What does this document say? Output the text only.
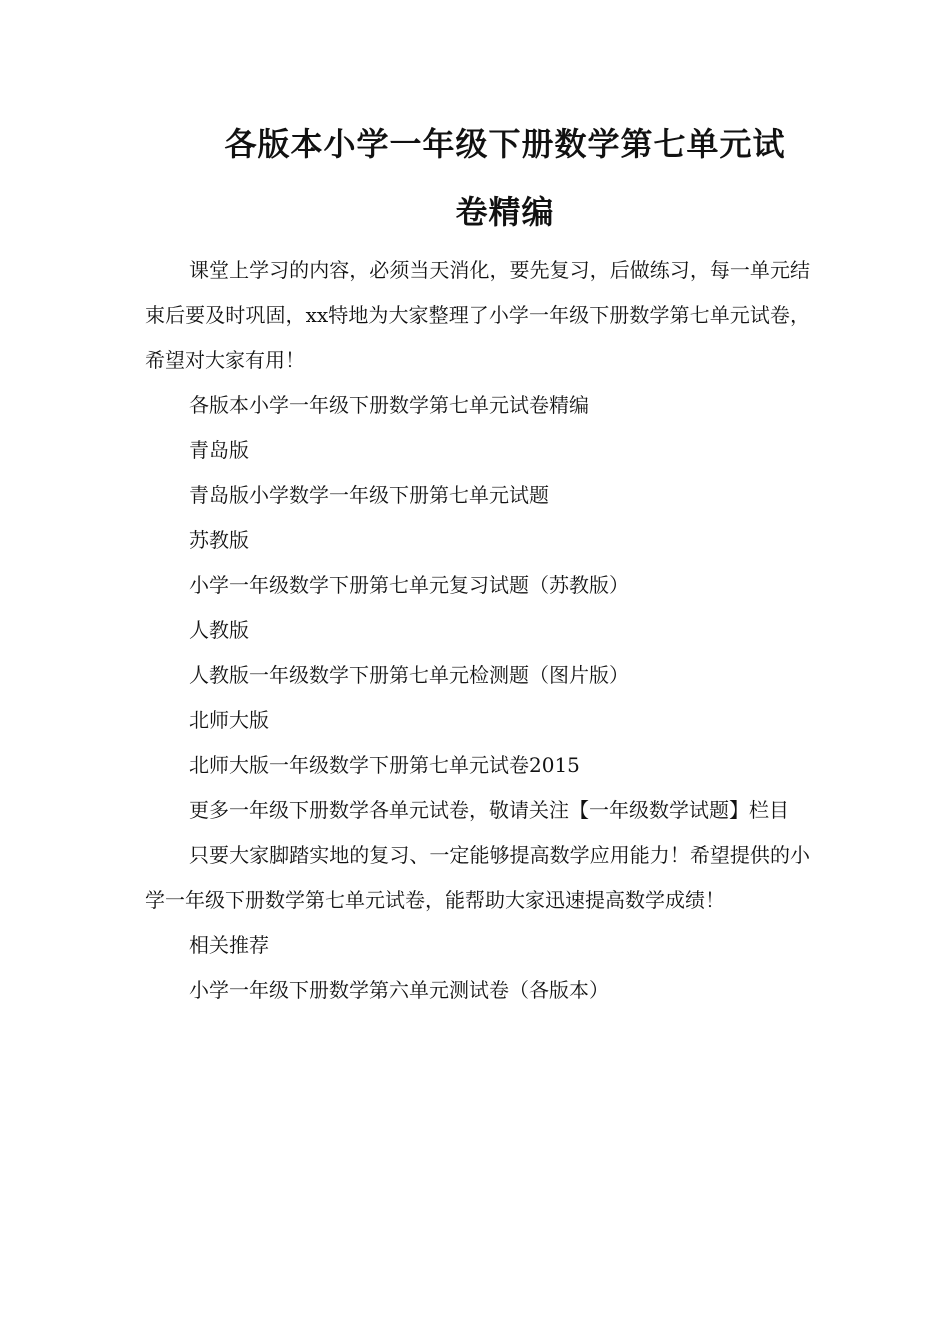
各版本小学一年级下册数学第七单元试
卷精编

课堂上学习的内容，必须当天消化，要先复习，后做练习，每一单元结束后要及时巩固，xx特地为大家整理了小学一年级下册数学第七单元试卷，希望对大家有用！

各版本小学一年级下册数学第七单元试卷精编

青岛版

青岛版小学数学一年级下册第七单元试题

苏教版

小学一年级数学下册第七单元复习试题（苏教版）

人教版

人教版一年级数学下册第七单元检测题（图片版）

北师大版

北师大版一年级数学下册第七单元试卷2015

更多一年级下册数学各单元试卷，敬请关注【一年级数学试题】栏目

只要大家脚踏实地的复习、一定能够提高数学应用能力！希望提供的小学一年级下册数学第七单元试卷，能帮助大家迅速提高数学成绩！

相关推荐

小学一年级下册数学第六单元测试卷（各版本）
